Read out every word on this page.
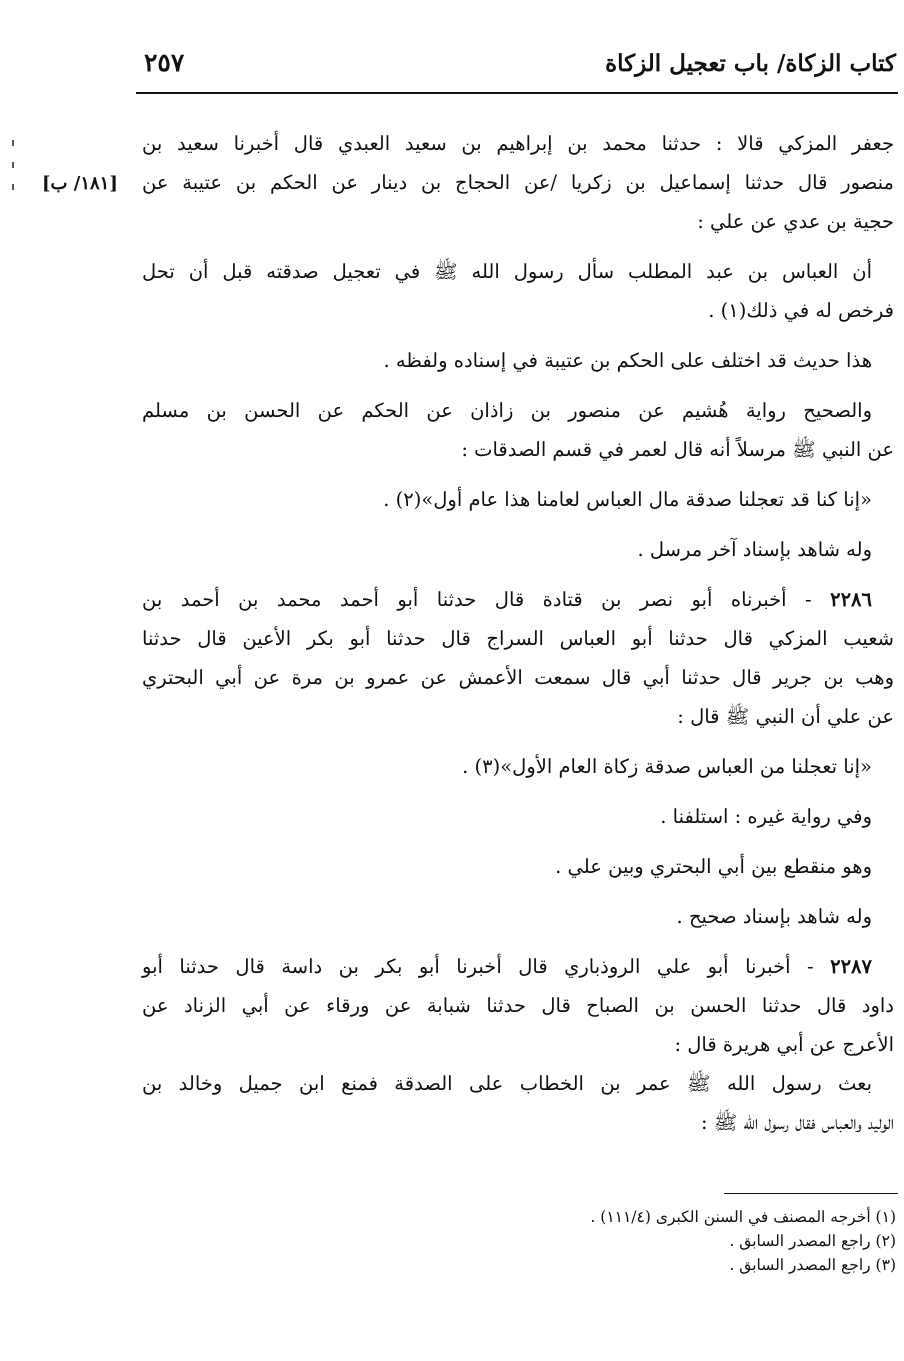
كتاب الزكاة/ باب تعجيل الزكاة
٢٥٧
[١٨١/ ب]
جعفر المزكي قالا : حدثنا محمد بن إبراهيم بن سعيد العبدي قال أخبرنا سعيد بن
منصور قال حدثنا إسماعيل بن زكريا /عن الحجاج بن دينار عن الحكم بن عتيبة عن
حجية بن عدي عن علي :
أن العباس بن عبد المطلب سأل رسول الله ﷺ في تعجيل صدقته قبل أن تحل
فرخص له في ذلك(١) .
هذا حديث قد اختلف على الحكم بن عتيبة في إسناده ولفظه .
والصحيح رواية هُشيم عن منصور بن زاذان عن الحكم عن الحسن بن مسلم
عن النبي ﷺ مرسلاً أنه قال لعمر في قسم الصدقات :
«إنا كنا قد تعجلنا صدقة مال العباس لعامنا هذا عام أول»(٢) .
وله شاهد بإسناد آخر مرسل .
٢٢٨٦ - أخبرناه أبو نصر بن قتادة قال حدثنا أبو أحمد محمد بن أحمد بن
شعيب المزكي قال حدثنا أبو العباس السراج قال حدثنا أبو بكر الأعين قال حدثنا
وهب بن جرير قال حدثنا أبي قال سمعت الأعمش عن عمرو بن مرة عن أبي البحتري
عن علي أن النبي ﷺ قال :
«إنا تعجلنا من العباس صدقة زكاة العام الأول»(٣) .
وفي رواية غيره : استلفنا .
وهو منقطع بين أبي البحتري وبين علي .
وله شاهد بإسناد صحيح .
٢٢٨٧ - أخبرنا أبو علي الروذباري قال أخبرنا أبو بكر بن داسة قال حدثنا أبو
داود قال حدثنا الحسن بن الصباح قال حدثنا شبابة عن ورقاء عن أبي الزناد عن
الأعرج عن أبي هريرة قال :
بعث رسول الله ﷺ عمر بن الخطاب على الصدقة فمنع ابن جميل وخالد بن
الوليد والعباس فقال رسول الله ﷺ :
(١) أخرجه المصنف في السنن الكبرى (١١١/٤) .
(٢) راجع المصدر السابق .
(٣) راجع المصدر السابق .
